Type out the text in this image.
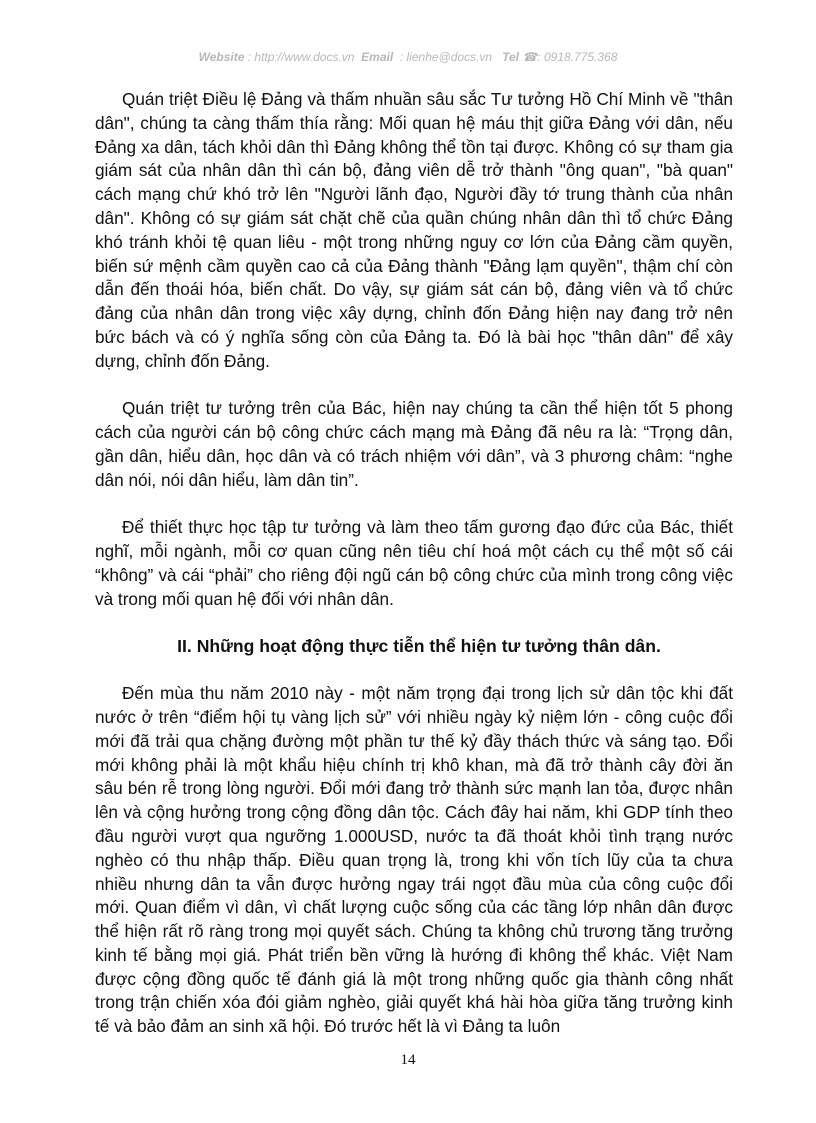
Website : http://www.docs.vn Email : lienhe@docs.vn Tel ☎: 0918.775.368

Quán triệt Điều lệ Đảng và thấm nhuần sâu sắc Tư tưởng Hồ Chí Minh về "thân dân", chúng ta càng thấm thía rằng: Mối quan hệ máu thịt giữa Đảng với dân, nếu Đảng xa dân, tách khỏi dân thì Đảng không thể tồn tại được. Không có sự tham gia giám sát của nhân dân thì cán bộ, đảng viên dễ trở thành "ông quan", "bà quan" cách mạng chứ khó trở lên "Người lãnh đạo, Người đầy tớ trung thành của nhân dân". Không có sự giám sát chặt chẽ của quần chúng nhân dân thì tổ chức Đảng khó tránh khỏi tệ quan liêu - một trong những nguy cơ lớn của Đảng cầm quyền, biến sứ mệnh cầm quyền cao cả của Đảng thành "Đảng lạm quyền", thậm chí còn dẫn đến thoái hóa, biến chất. Do vậy, sự giám sát cán bộ, đảng viên và tổ chức đảng của nhân dân trong việc xây dựng, chỉnh đốn Đảng hiện nay đang trở nên bức bách và có ý nghĩa sống còn của Đảng ta. Đó là bài học "thân dân" để xây dựng, chỉnh đốn Đảng.

Quán triệt tư tưởng trên của Bác, hiện nay chúng ta cần thể hiện tốt 5 phong cách của người cán bộ công chức cách mạng mà Đảng đã nêu ra là: “Trọng dân, gần dân, hiểu dân, học dân và có trách nhiệm với dân”, và 3 phương châm: “nghe dân nói, nói dân hiểu, làm dân tin”.

Để thiết thực học tập tư tưởng và làm theo tấm gương đạo đức của Bác, thiết nghĩ, mỗi ngành, mỗi cơ quan cũng nên tiêu chí hoá một cách cụ thể một số cái “không” và cái “phải” cho riêng đội ngũ cán bộ công chức của mình trong công việc và trong mối quan hệ đối với nhân dân.

II. Những hoạt động thực tiễn thể hiện tư tưởng thân dân.

Đến mùa thu năm 2010 này - một năm trọng đại trong lịch sử dân tộc khi đất nước ở trên “điểm hội tụ vàng lịch sử” với nhiều ngày kỷ niệm lớn - công cuộc đổi mới đã trải qua chặng đường một phần tư thế kỷ đầy thách thức và sáng tạo. Đổi mới không phải là một khẩu hiệu chính trị khô khan, mà đã trở thành cây đời ăn sâu bén rễ trong lòng người. Đổi mới đang trở thành sức mạnh lan tỏa, được nhân lên và cộng hưởng trong cộng đồng dân tộc. Cách đây hai năm, khi GDP tính theo đầu người vượt qua ngưỡng 1.000USD, nước ta đã thoát khỏi tình trạng nước nghèo có thu nhập thấp. Điều quan trọng là, trong khi vốn tích lũy của ta chưa nhiều nhưng dân ta vẫn được hưởng ngay trái ngọt đầu mùa của công cuộc đổi mới. Quan điểm vì dân, vì chất lượng cuộc sống của các tầng lớp nhân dân được thể hiện rất rõ ràng trong mọi quyết sách. Chúng ta không chủ trương tăng trưởng kinh tế bằng mọi giá. Phát triển bền vững là hướng đi không thể khác. Việt Nam được cộng đồng quốc tế đánh giá là một trong những quốc gia thành công nhất trong trận chiến xóa đói giảm nghèo, giải quyết khá hài hòa giữa tăng trưởng kinh tế và bảo đảm an sinh xã hội. Đó trước hết là vì Đảng ta luôn

14
